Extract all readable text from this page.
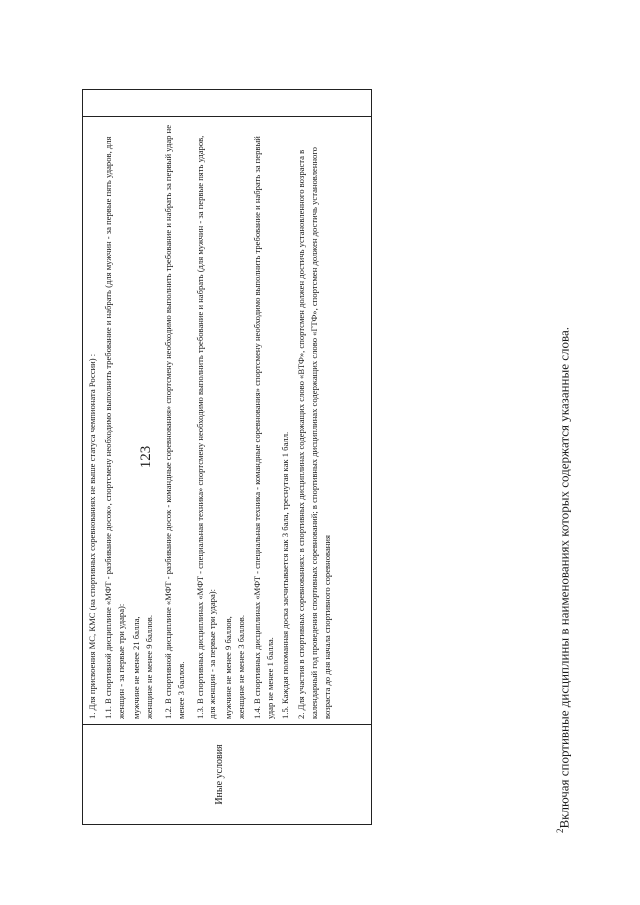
123
Иные условия

1. Для присвоения МС, КМС (на спортивных соревнованиях не выше статуса чемпионата России) : 1.1. В спортивной дисциплине «МФТ - разбивание досок», спортсмену необходимо выполнить требование и набрать (для мужчин - за первые пять ударов, для женщин - за первые три удара): мужчине не менее 21 балла, женщине не менее 9 баллов. 1.2. В спортивной дисциплине «МФТ - разбивание досок - командные соревнования» спортсмену необходимо выполнить требование и набрать за первый удар не менее 3 баллов. 1.3. В спортивных дисциплинах «МФТ - специальная техника» спортсмену необходимо выполнить требование и набрать (для мужчин - за первые пять ударов, для женщин - за первые три удара): мужчине не менее 9 баллов, женщине не менее 3 баллов. 1.4. В спортивных дисциплинах «МФТ - специальная техника - командные соревнования» спортсмену необходимо выполнить требование и набрать за первый удар не менее 1 балла. 1.5. Каждая поломанная доска засчитывается как 3 бала, треснутая как 1 балл. 2. Для участия в спортивных соревнованиях: в спортивных дисциплинах содержащих слово «ВТФ», спортсмен должен достичь установленного возраста в календарный год проведения спортивных соревнований; в спортивных дисциплинах содержащих слово «ГТФ», спортсмен должен достичь установленного возраста до дня начала спортивного соревнования

$^2$Включая спортивные дисциплины в наименованиях которых содержатся указанные слова.
